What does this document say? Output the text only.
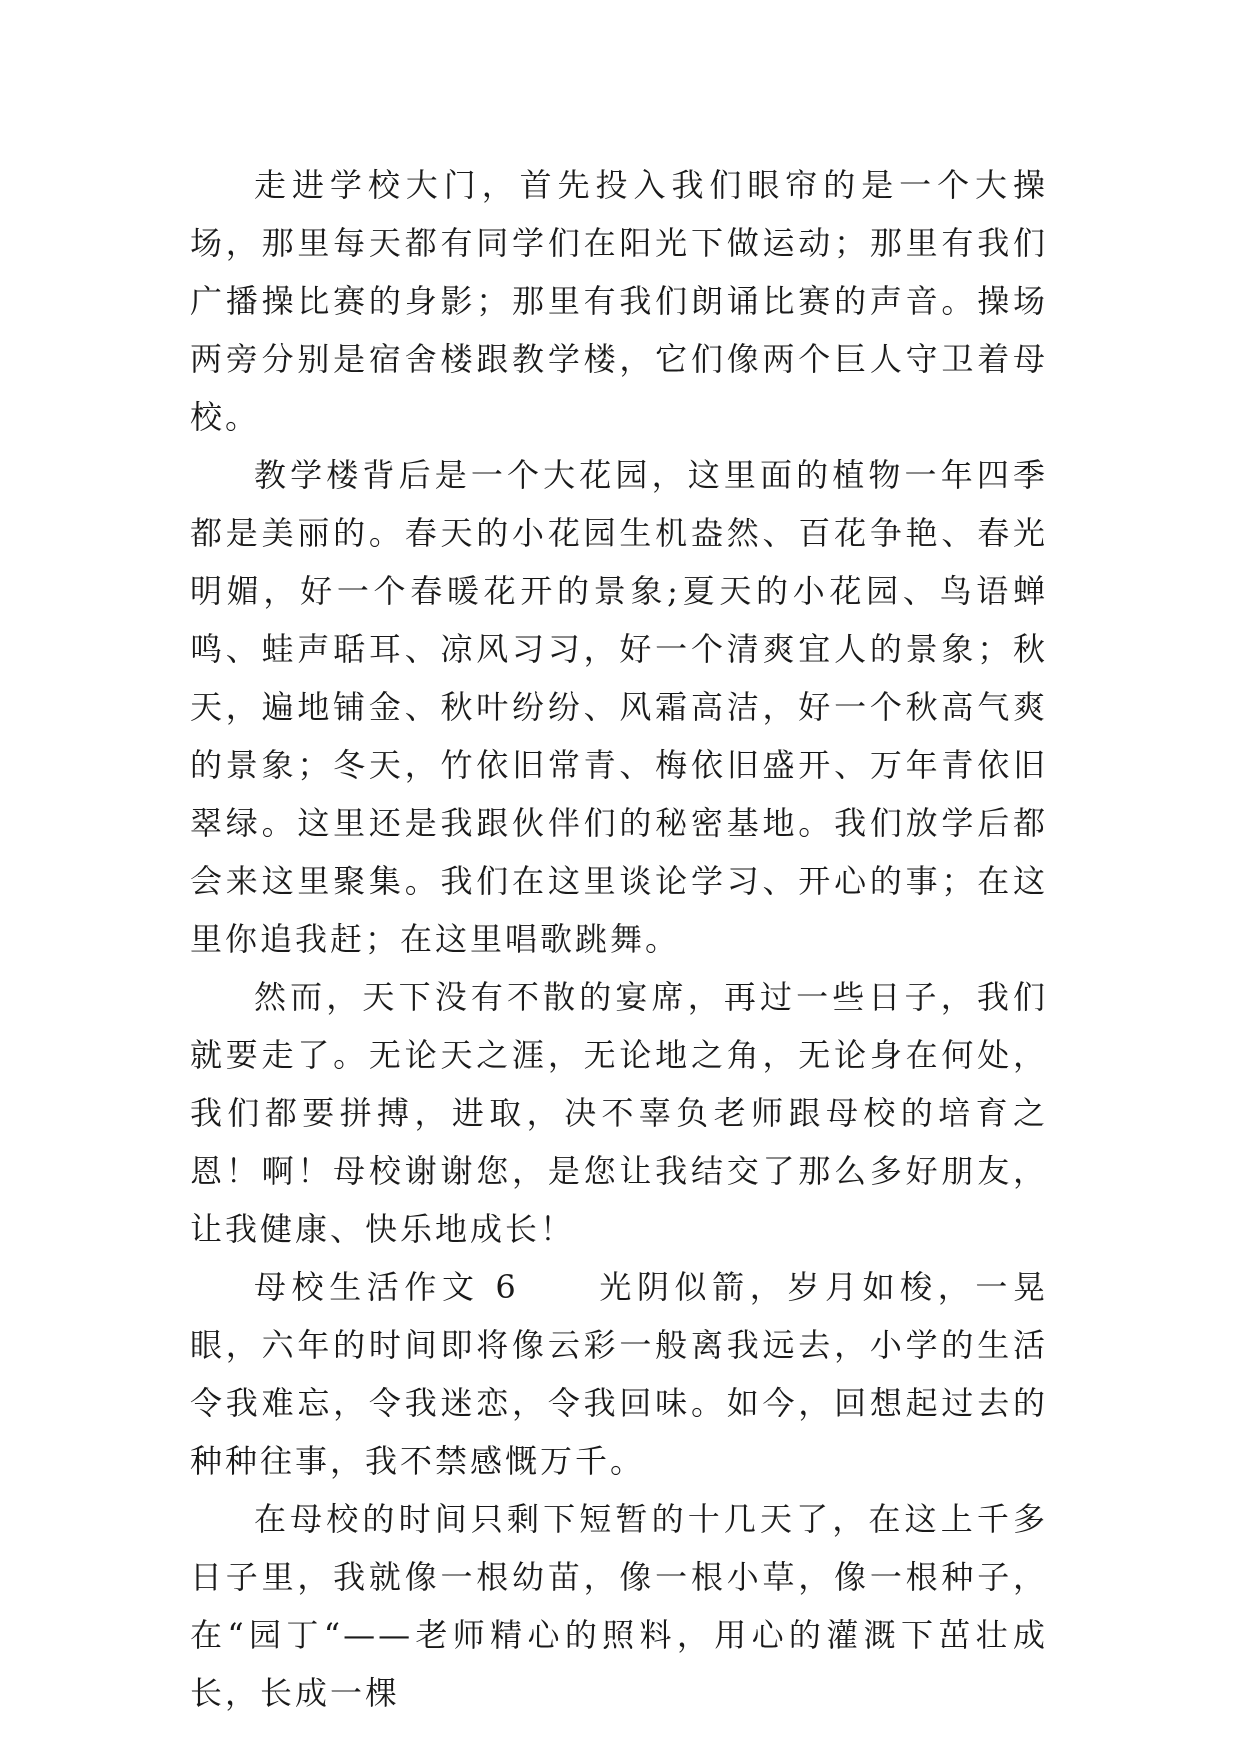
走进学校大门，首先投入我们眼帘的是一个大操场，那里每天都有同学们在阳光下做运动；那里有我们广播操比赛的身影；那里有我们朗诵比赛的声音。操场两旁分别是宿舍楼跟教学楼，它们像两个巨人守卫着母校。

教学楼背后是一个大花园，这里面的植物一年四季都是美丽的。春天的小花园生机盎然、百花争艳、春光明媚，好一个春暖花开的景象;夏天的小花园、鸟语蝉鸣、蛙声聒耳、凉风习习，好一个清爽宜人的景象；秋天，遍地铺金、秋叶纷纷、风霜高洁，好一个秋高气爽的景象；冬天，竹依旧常青、梅依旧盛开、万年青依旧翠绿。这里还是我跟伙伴们的秘密基地。我们放学后都会来这里聚集。我们在这里谈论学习、开心的事；在这里你追我赶；在这里唱歌跳舞。

然而，天下没有不散的宴席，再过一些日子，我们就要走了。无论天之涯，无论地之角，无论身在何处，我们都要拼搏，进取，决不辜负老师跟母校的培育之恩！啊！母校谢谢您，是您让我结交了那么多好朋友，让我健康、快乐地成长！

母校生活作文 6 光阴似箭，岁月如梭，一晃眼，六年的时间即将像云彩一般离我远去，小学的生活令我难忘，令我迷恋，令我回味。如今，回想起过去的种种往事，我不禁感慨万千。

在母校的时间只剩下短暂的十几天了，在这上千多日子里，我就像一根幼苗，像一根小草，像一根种子，在“园丁“——老师精心的照料，用心的灌溉下茁壮成长，长成一棵
